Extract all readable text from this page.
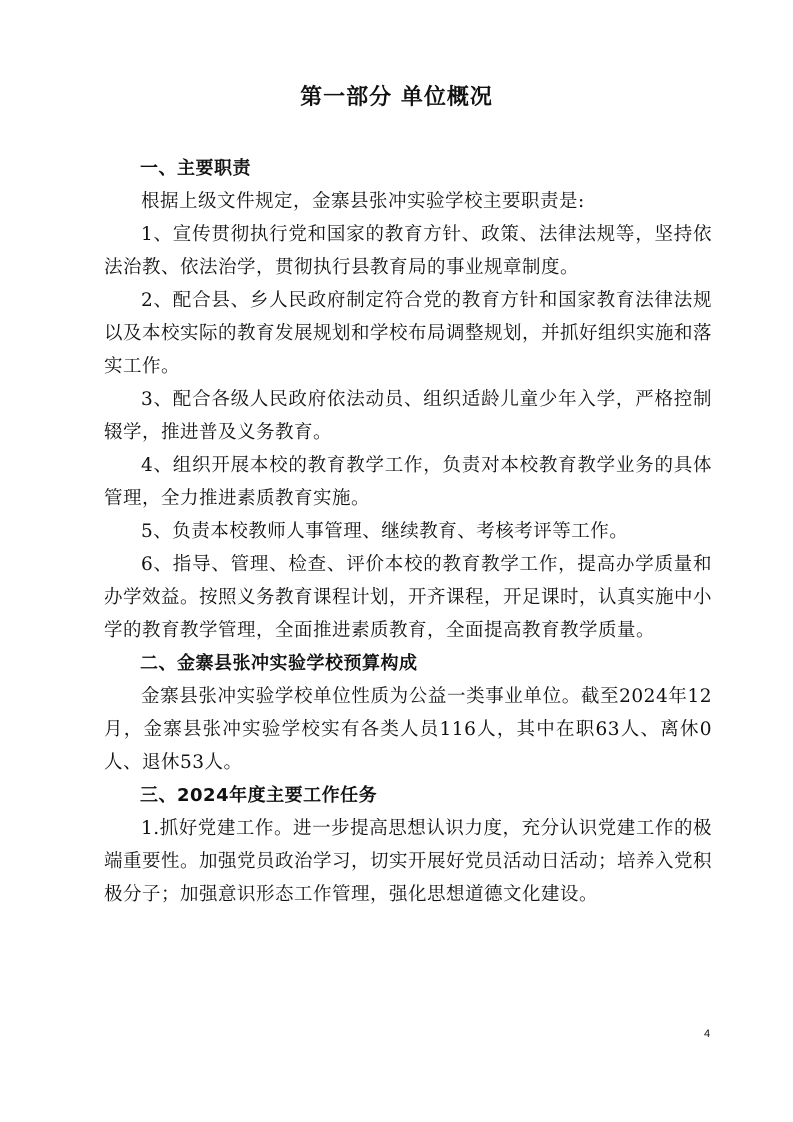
第一部分 单位概况

一、主要职责

根据上级文件规定，金寨县张冲实验学校主要职责是:

1、宣传贯彻执行党和国家的教育方针、政策、法律法规等，坚持依法治教、依法治学，贯彻执行县教育局的事业规章制度。

2、配合县、乡人民政府制定符合党的教育方针和国家教育法律法规以及本校实际的教育发展规划和学校布局调整规划，并抓好组织实施和落实工作。

3、配合各级人民政府依法动员、组织适龄儿童少年入学，严格控制辍学，推进普及义务教育。

4、组织开展本校的教育教学工作，负责对本校教育教学业务的具体管理，全力推进素质教育实施。

5、负责本校教师人事管理、继续教育、考核考评等工作。

6、指导、管理、检查、评价本校的教育教学工作，提高办学质量和办学效益。按照义务教育课程计划，开齐课程，开足课时，认真实施中小学的教育教学管理，全面推进素质教育，全面提高教育教学质量。

二、金寨县张冲实验学校预算构成

金寨县张冲实验学校单位性质为公益一类事业单位。截至2024年12月，金寨县张冲实验学校实有各类人员116人，其中在职63人、离休0人、退休53人。

三、2024年度主要工作任务

1.抓好党建工作。进一步提高思想认识力度，充分认识党建工作的极端重要性。加强党员政治学习，切实开展好党员活动日活动；培养入党积极分子；加强意识形态工作管理，强化思想道德文化建设。

4
